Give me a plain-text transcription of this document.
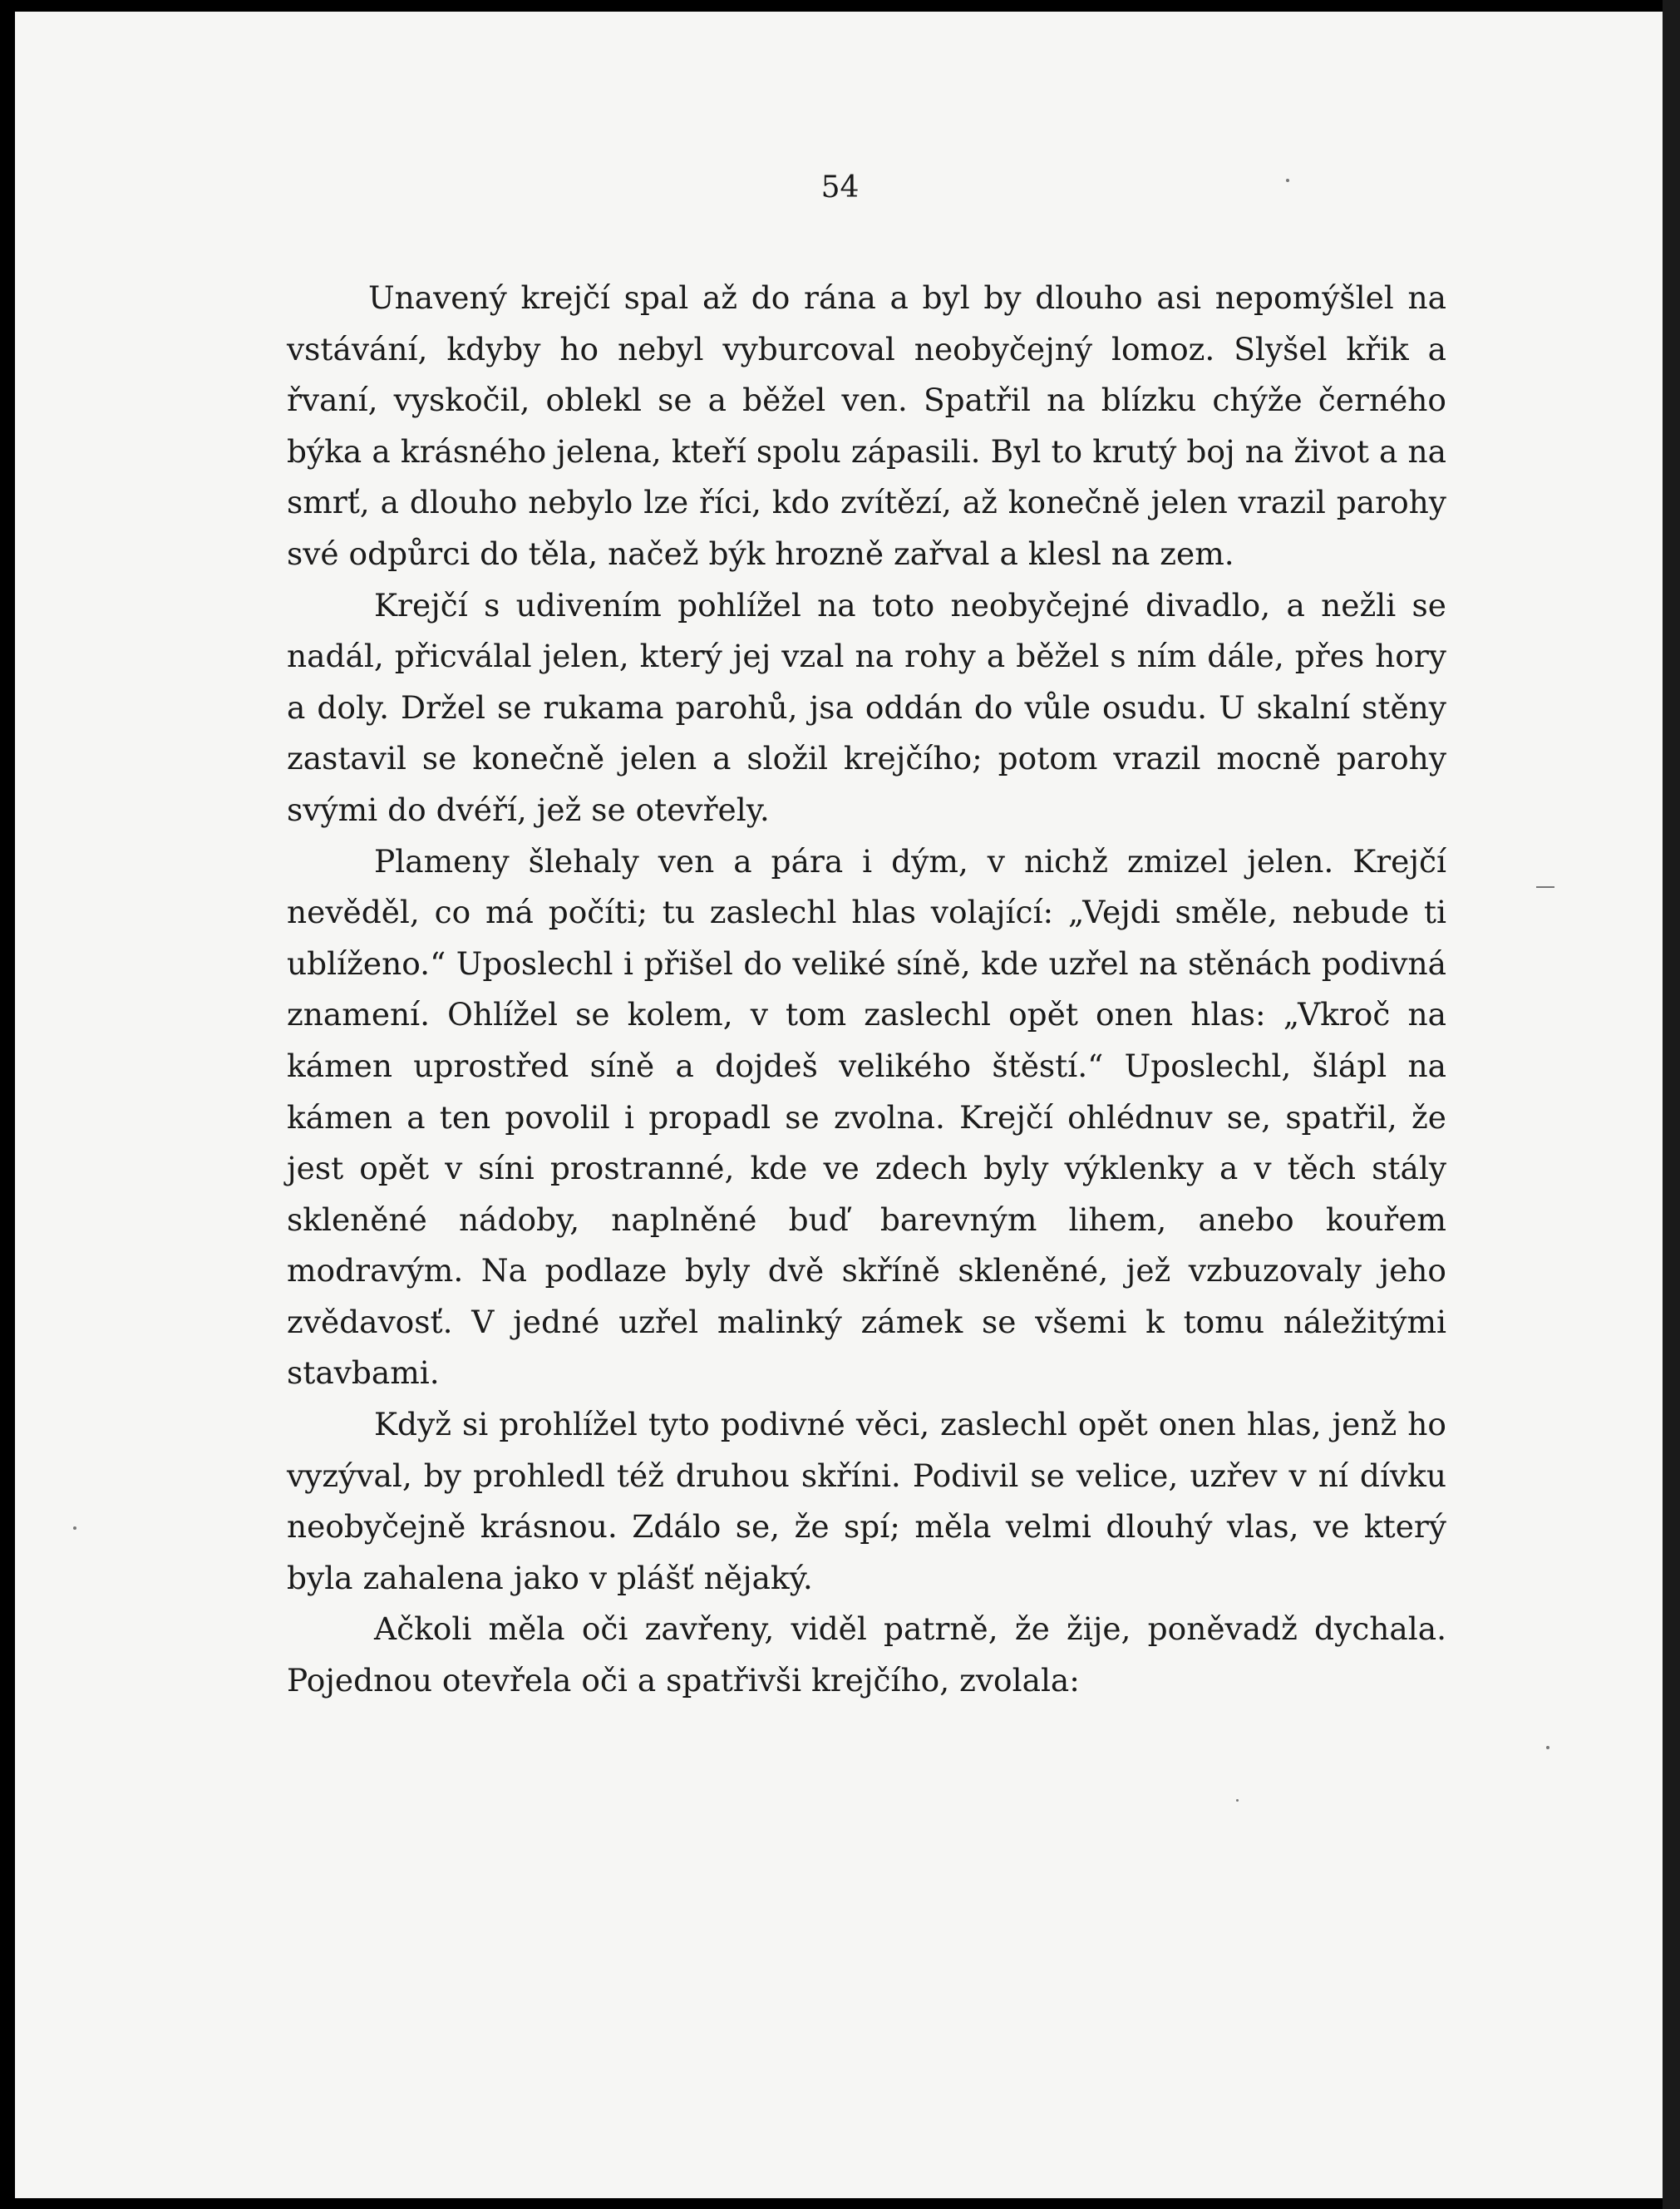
54

Unavený krejčí spal až do rána a byl by dlouho asi nepomýšlel na vstávání, kdyby ho nebyl vyburcoval neobyčejný lomoz. Slyšel křik a řvaní, vyskočil, oblekl se a běžel ven. Spatřil na blízku chýže černého býka a krásného jelena, kteří spolu zápasili. Byl to krutý boj na život a na smrť, a dlouho nebylo lze říci, kdo zvítězí, až konečně jelen vrazil parohy své odpůrci do těla, načež býk hrozně zařval a klesl na zem.

Krejčí s udivením pohlížel na toto neobyčejné divadlo, a nežli se nadál, přicválal jelen, který jej vzal na rohy a běžel s ním dále, přes hory a doly. Držel se rukama parohů, jsa oddán do vůle osudu. U skalní stěny zastavil se konečně jelen a složil krejčího; potom vrazil mocně parohy svými do dvéří, jež se otevřely.

Plameny šlehaly ven a pára i dým, v nichž zmizel jelen. Krejčí nevěděl, co má počíti; tu zaslechl hlas volající: „Vejdi směle, nebude ti ublíženo.“ Uposlechl i přišel do veliké síně, kde uzřel na stěnách podivná znamení. Ohlížel se kolem, v tom zaslechl opět onen hlas: „Vkroč na kámen uprostřed síně a dojdeš velikého štěstí.“ Uposlechl, šlápl na kámen a ten povolil i propadl se zvolna. Krejčí ohlédnuv se, spatřil, že jest opět v síni prostranné, kde ve zdech byly výklenky a v těch stály skleněné nádoby, naplněné buď barevným lihem, anebo kouřem modravým. Na podlaze byly dvě skříně skleněné, jež vzbuzovaly jeho zvědavosť. V jedné uzřel malinký zámek se všemi k tomu náležitými stavbami.

Když si prohlížel tyto podivné věci, zaslechl opět onen hlas, jenž ho vyzýval, by prohledl též druhou skříni. Podivil se velice, uzřev v ní dívku neobyčejně krásnou. Zdálo se, že spí; měla velmi dlouhý vlas, ve který byla zahalena jako v plášť nějaký.

Ačkoli měla oči zavřeny, viděl patrně, že žije, poněvadž dychala. Pojednou otevřela oči a spatřivši krejčího, zvolala:
